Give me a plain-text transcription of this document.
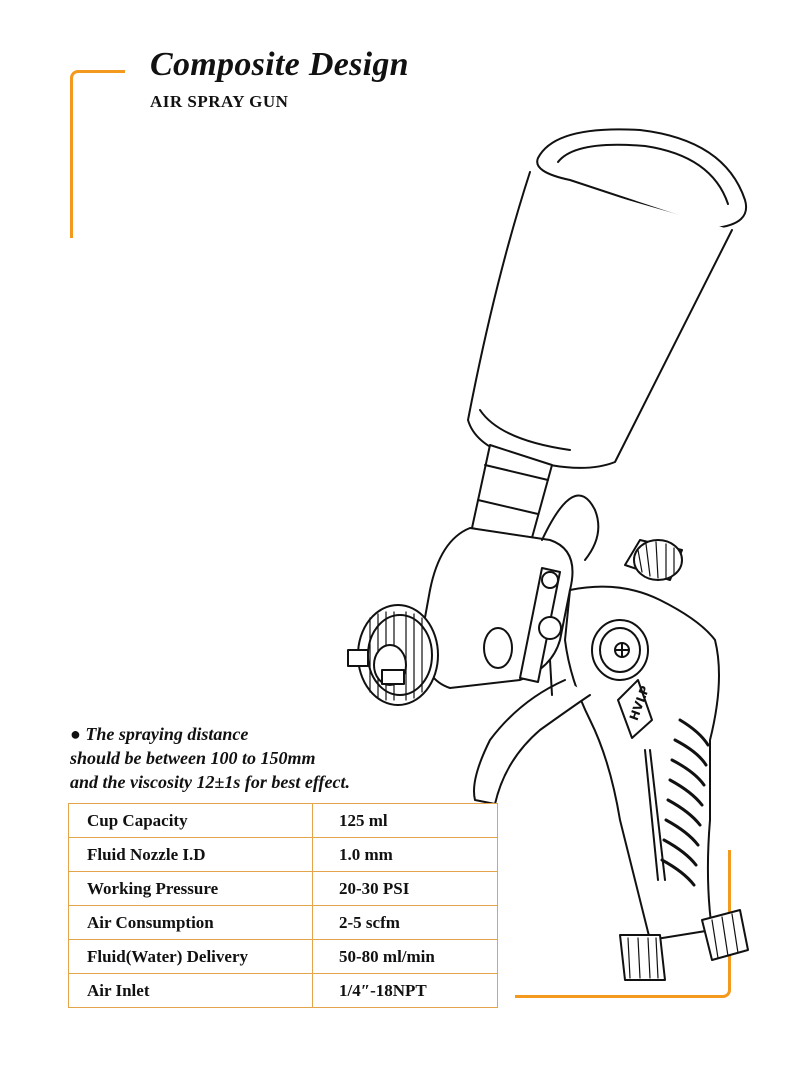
Composite Design
AIR SPRAY GUN
HVLP
● The spraying distance
should be between 100 to 150mm
and the viscosity 12±1s for best effect.
Cup Capacity	125 ml
Fluid Nozzle I.D	1.0 mm
Working Pressure	20-30 PSI
Air Consumption	2-5 scfm
Fluid(Water) Delivery	50-80 ml/min
Air Inlet	1/4″-18NPT
